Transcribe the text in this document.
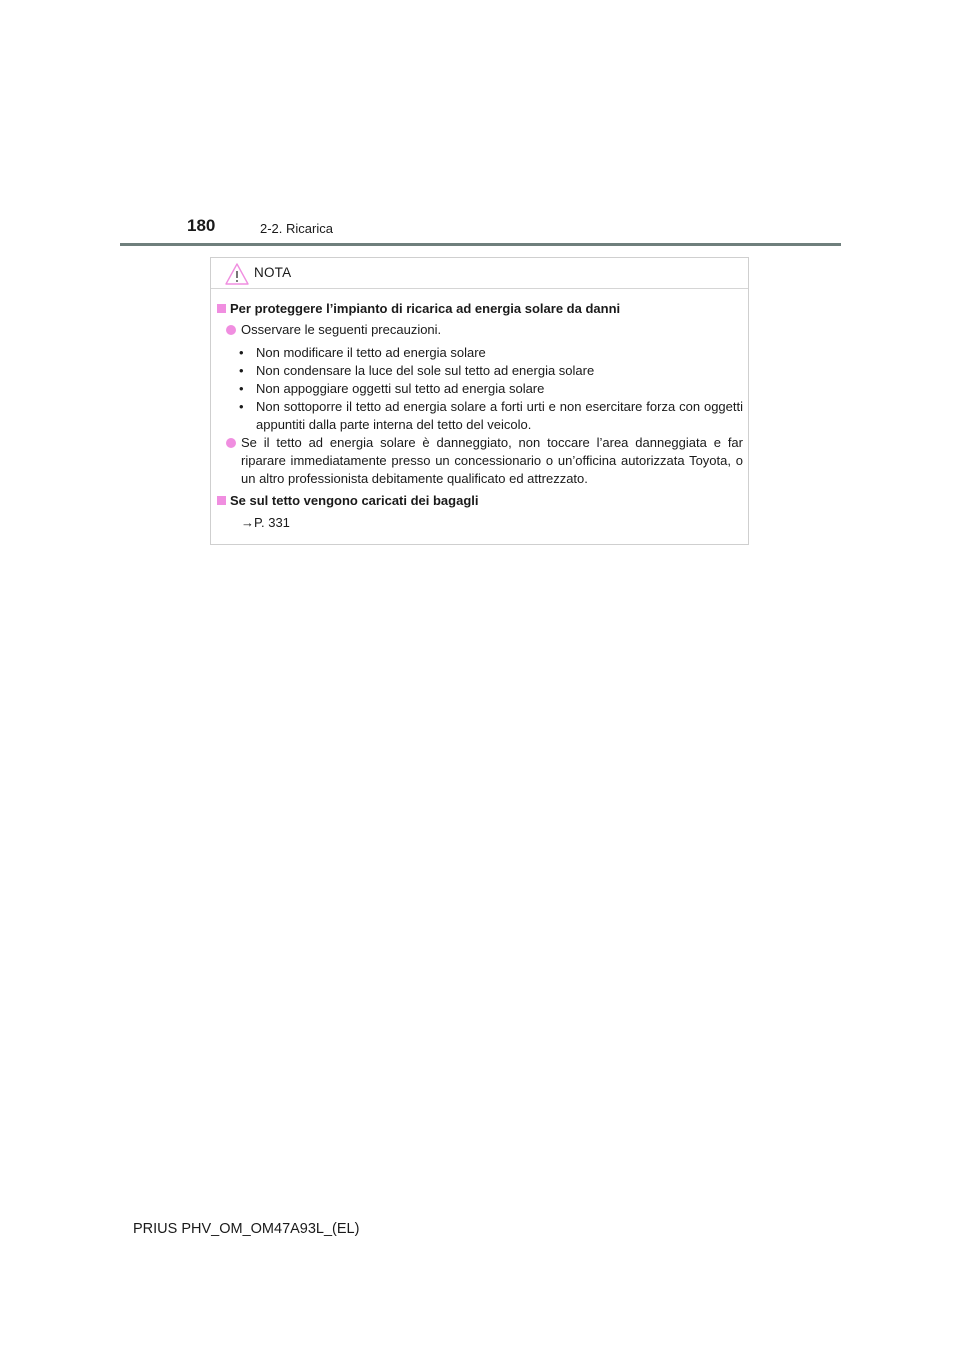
180	2-2. Ricarica
NOTA
Per proteggere l’impianto di ricarica ad energia solare da danni
Osservare le seguenti precauzioni.
• Non modificare il tetto ad energia solare
• Non condensare la luce del sole sul tetto ad energia solare
• Non appoggiare oggetti sul tetto ad energia solare
• Non sottoporre il tetto ad energia solare a forti urti e non esercitare forza con oggetti appuntiti dalla parte interna del tetto del veicolo.
Se il tetto ad energia solare è danneggiato, non toccare l’area danneggiata e far riparare immediatamente presso un concessionario o un’officina autorizzata Toyota, o un altro professionista debitamente qualificato ed attrezzato.
Se sul tetto vengono caricati dei bagagli
→P. 331
PRIUS PHV_OM_OM47A93L_(EL)
